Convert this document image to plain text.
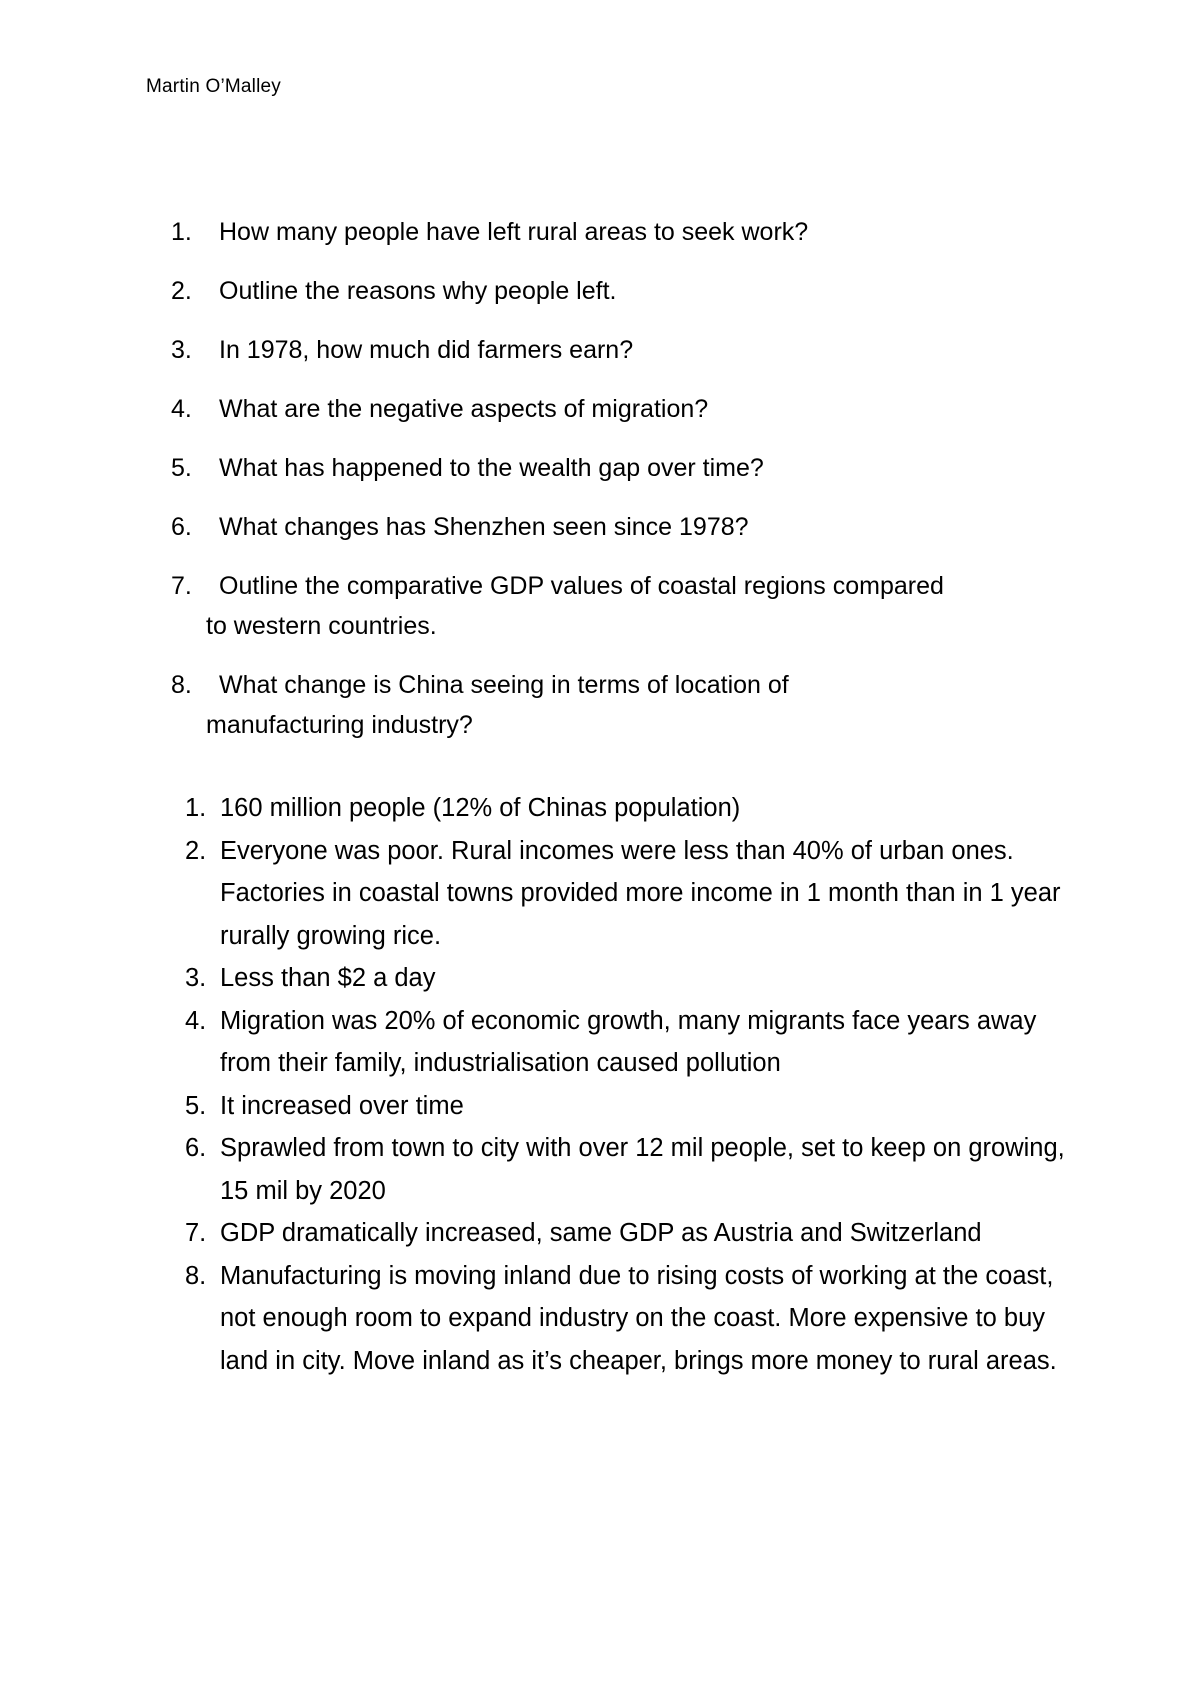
Martin O’Malley
1.	How many people have left rural areas to seek work?
2.	Outline the reasons why people left.
3.	In 1978, how much did farmers earn?
4.	What are the negative aspects of migration?
5.	What has happened to the wealth gap over time?
6.	What changes has Shenzhen seen since 1978?
7.	Outline the comparative GDP values of coastal regions compared to western countries.
8.	What change is China seeing in terms of location of manufacturing industry?
1. 160 million people (12% of Chinas population)
2. Everyone was poor. Rural incomes were less than 40% of urban ones. Factories in coastal towns provided more income in 1 month than in 1 year rurally growing rice.
3. Less than $2 a day
4. Migration was 20% of economic growth, many migrants face years away from their family, industrialisation caused pollution
5. It increased over time
6. Sprawled from town to city with over 12 mil people, set to keep on growing, 15 mil by 2020
7. GDP dramatically increased, same GDP as Austria and Switzerland
8. Manufacturing is moving inland due to rising costs of working at the coast, not enough room to expand industry on the coast. More expensive to buy land in city. Move inland as it’s cheaper, brings more money to rural areas.
